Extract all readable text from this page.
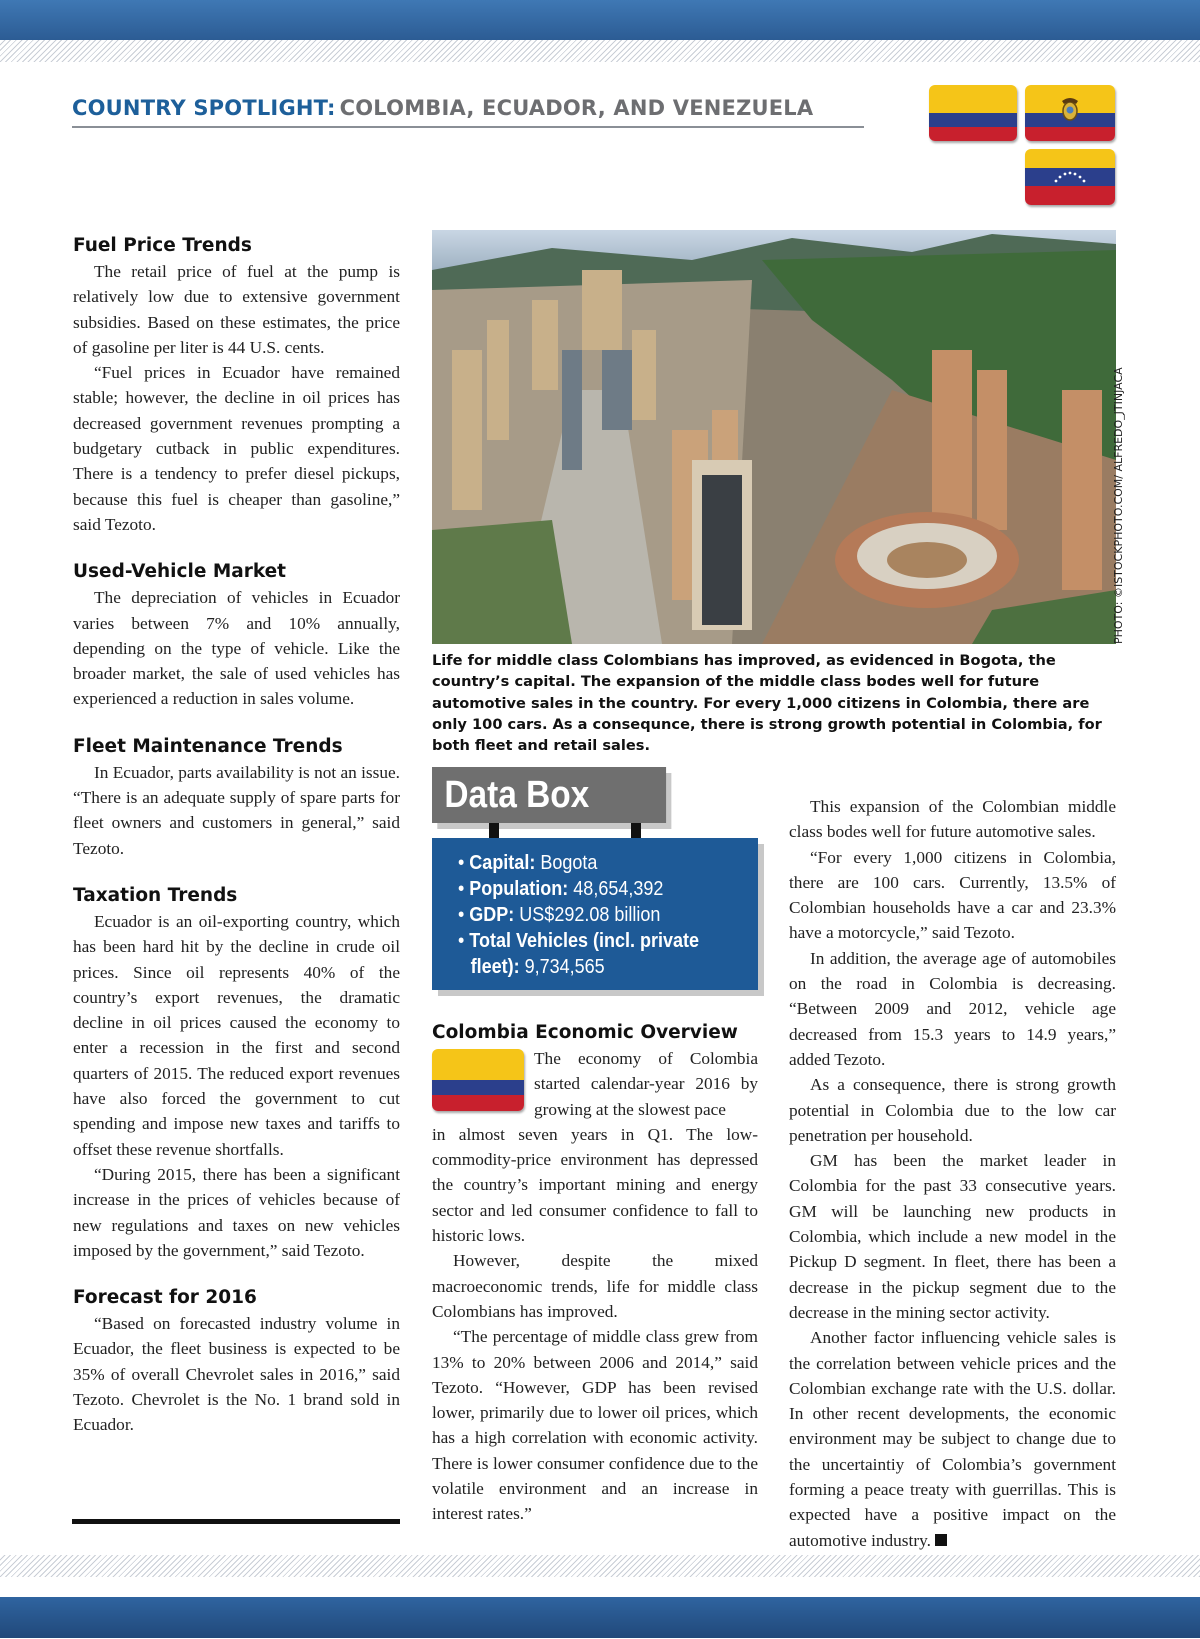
COUNTRY SPOTLIGHT: COLOMBIA, ECUADOR, AND VENEZUELA
Fuel Price Trends

The retail price of fuel at the pump is relatively low due to extensive government subsidies. Based on these estimates, the price of gasoline per liter is 44 U.S. cents.

“Fuel prices in Ecuador have remained stable; however, the decline in oil prices has decreased government revenues prompting a budgetary cutback in public expenditures. There is a tendency to prefer diesel pickups, because this fuel is cheaper than gasoline,” said Tezoto.

Used-Vehicle Market

The depreciation of vehicles in Ecuador varies between 7% and 10% annually, depending on the type of vehicle. Like the broader market, the sale of used vehicles has experienced a reduction in sales volume.

Fleet Maintenance Trends

In Ecuador, parts availability is not an issue. “There is an adequate supply of spare parts for fleet owners and customers in general,” said Tezoto.

Taxation Trends

Ecuador is an oil-exporting country, which has been hard hit by the decline in crude oil prices. Since oil represents 40% of the country’s export revenues, the dramatic decline in oil prices caused the economy to enter a recession in the first and second quarters of 2015. The reduced export revenues have also forced the government to cut spending and impose new taxes and tariffs to offset these revenue shortfalls.

“During 2015, there has been a significant increase in the prices of vehicles because of new regulations and taxes on new vehicles imposed by the government,” said Tezoto.

Forecast for 2016

“Based on forecasted industry volume in Ecuador, the fleet business is expected to be 35% of overall Chevrolet sales in 2016,” said Tezoto. Chevrolet is the No. 1 brand sold in Ecuador.

PHOTO: ©ISTOCKPHOTO.COM/ ALFREDO_JTINJACA
Life for middle class Colombians has improved, as evidenced in Bogota, the country’s capital. The expansion of the middle class bodes well for future automotive sales in the country. For every 1,000 citizens in Colombia, there are only 100 cars. As a consequnce, there is strong growth potential in Colombia, for both fleet and retail sales.
Data Box
• Capital: Bogota
• Population: 48,654,392
• GDP: US$292.08 billion
• Total Vehicles (incl. private
fleet): 9,734,565
Colombia Economic Overview

The economy of Colombia started calendar-year 2016 by growing at the slowest pace

in almost seven years in Q1. The low-commodity-price environment has depressed the country’s important mining and energy sector and led consumer confidence to fall to historic lows.

However, despite the mixed macroeconomic trends, life for middle class Colombians has improved.

“The percentage of middle class grew from 13% to 20% between 2006 and 2014,” said Tezoto. “However, GDP has been revised lower, primarily due to lower oil prices, which has a high correlation with economic activity. There is lower consumer confidence due to the volatile environment and an increase in interest rates.”

This expansion of the Colombian middle class bodes well for future automotive sales.

“For every 1,000 citizens in Colombia, there are 100 cars. Currently, 13.5% of Colombian households have a car and 23.3% have a motorcycle,” said Tezoto.

In addition, the average age of automobiles on the road in Colombia is decreasing. “Between 2009 and 2012, vehicle age decreased from 15.3 years to 14.9 years,” added Tezoto.

As a consequence, there is strong growth potential in Colombia due to the low car penetration per household.

GM has been the market leader in Colombia for the past 33 consecutive years. GM will be launching new products in Colombia, which include a new model in the Pickup D segment. In fleet, there has been a decrease in the pickup segment due to the decrease in the mining sector activity.

Another factor influencing vehicle sales is the correlation between vehicle prices and the Colombian exchange rate with the U.S. dollar. In other recent developments, the economic environment may be subject to change due to the uncertaintiy of Colombia’s government forming a peace treaty with guerrillas. This is expected have a positive impact on the automotive industry.
